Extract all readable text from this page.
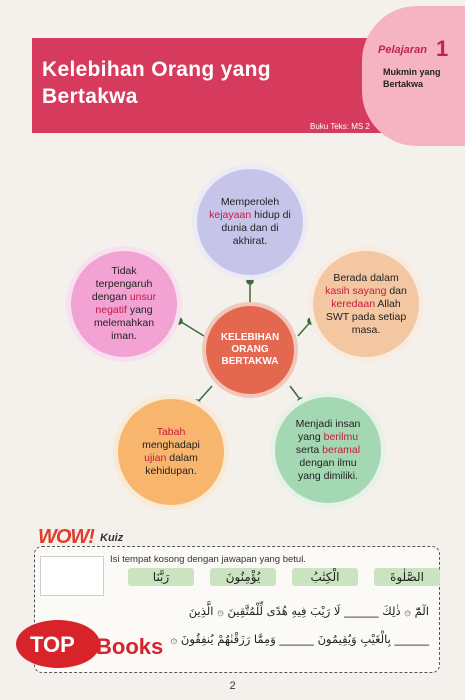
Kelebihan Orang yang Bertakwa
Pelajaran 1
Mukmin yang Bertakwa
Buku Teks: MS 2
Memperoleh kejayaan hidup di dunia dan di akhirat.
Berada dalam kasih sayang dan keredaan Allah SWT pada setiap masa.
Menjadi insan yang berilmu serta beramal dengan ilmu yang dimiliki.
Tabah menghadapi ujian dalam kehidupan.
Tidak terpengaruh dengan unsur negatif yang melemahkan iman.	KELEBIHAN ORANG BERTAKWA
WOW! Kuiz
Isi tempat kosong dengan jawapan yang betul.
رَبَّنَا	يُؤْمِنُونَ	الْكِتٰبُ	الصَّلٰوةَ
الٓمّٓ ۞ ذٰلِكَ ______ لَا رَيْبَ فِيهِ هُدًى لِّلْمُتَّقِينَ ۞ الَّذِينَ
______ بِالْغَيْبِ وَيُقِيمُونَ ______ وَمِمَّا رَزَقْنٰهُمْ يُنفِقُونَ ۞
TOP Books
2
